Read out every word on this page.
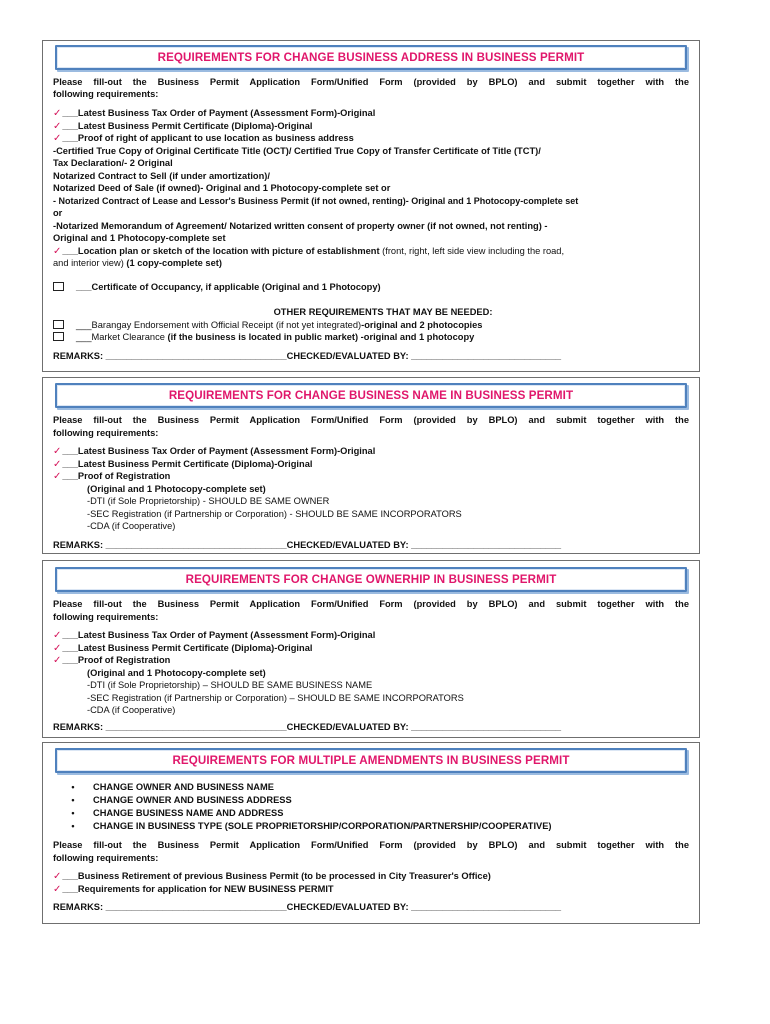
REQUIREMENTS FOR CHANGE BUSINESS ADDRESS IN BUSINESS PERMIT
Please fill-out the Business Permit Application Form/Unified Form (provided by BPLO) and submit together with the
following requirements:
✓___Latest Business Tax Order of Payment (Assessment Form)-Original
✓___Latest Business Permit Certificate (Diploma)-Original
✓___Proof of right of applicant to use location as business address
-Certified True Copy of Original Certificate Title (OCT)/ Certified True Copy of Transfer Certificate of Title (TCT)/
Tax Declaration/- 2 Original
Notarized Contract to Sell (if under amortization)/
Notarized Deed of Sale (if owned)- Original and 1 Photocopy-complete set or
- Notarized Contract of Lease and Lessor's Business Permit (if not owned, renting)- Original and 1 Photocopy-complete set
or
-Notarized Memorandum of Agreement/ Notarized written consent of property owner (if not owned, not renting) -
Original and 1 Photocopy-complete set
✓___Location plan or sketch of the location with picture of establishment (front, right, left side view including the road,
and interior view) (1 copy-complete set)
___Certificate of Occupancy, if applicable (Original and 1 Photocopy)
OTHER REQUIREMENTS THAT MAY BE NEEDED:
___Barangay Endorsement with Official Receipt (if not yet integrated)-original and 2 photocopies
___Market Clearance (if the business is located in public market) -original and 1 photocopy
REMARKS: ___________________________________CHECKED/EVALUATED BY: _____________________________
REQUIREMENTS FOR CHANGE BUSINESS NAME IN BUSINESS PERMIT
Please fill-out the Business Permit Application Form/Unified Form (provided by BPLO) and submit together with the
following requirements:
✓___Latest Business Tax Order of Payment (Assessment Form)-Original
✓___Latest Business Permit Certificate (Diploma)-Original
✓___Proof of Registration
(Original and 1 Photocopy-complete set)
-DTI (if Sole Proprietorship) - SHOULD BE SAME OWNER
-SEC Registration (if Partnership or Corporation) - SHOULD BE SAME INCORPORATORS
-CDA (if Cooperative)
REMARKS: ___________________________________CHECKED/EVALUATED BY: _____________________________
REQUIREMENTS FOR CHANGE OWNERHIP IN BUSINESS PERMIT
Please fill-out the Business Permit Application Form/Unified Form (provided by BPLO) and submit together with the
following requirements:
✓___Latest Business Tax Order of Payment (Assessment Form)-Original
✓___Latest Business Permit Certificate (Diploma)-Original
✓___Proof of Registration
(Original and 1 Photocopy-complete set)
-DTI (if Sole Proprietorship) – SHOULD BE SAME BUSINESS NAME
-SEC Registration (if Partnership or Corporation) – SHOULD BE SAME INCORPORATORS
-CDA (if Cooperative)
REMARKS: ___________________________________CHECKED/EVALUATED BY: _____________________________
REQUIREMENTS FOR MULTIPLE AMENDMENTS IN BUSINESS PERMIT
• CHANGE OWNER AND BUSINESS NAME
• CHANGE OWNER AND BUSINESS ADDRESS
• CHANGE BUSINESS NAME AND ADDRESS
• CHANGE IN BUSINESS TYPE (SOLE PROPRIETORSHIP/CORPORATION/PARTNERSHIP/COOPERATIVE)
Please fill-out the Business Permit Application Form/Unified Form (provided by BPLO) and submit together with the
following requirements:
✓___Business Retirement of previous Business Permit (to be processed in City Treasurer's Office)
✓___Requirements for application for NEW BUSINESS PERMIT
REMARKS: ___________________________________CHECKED/EVALUATED BY: _____________________________
